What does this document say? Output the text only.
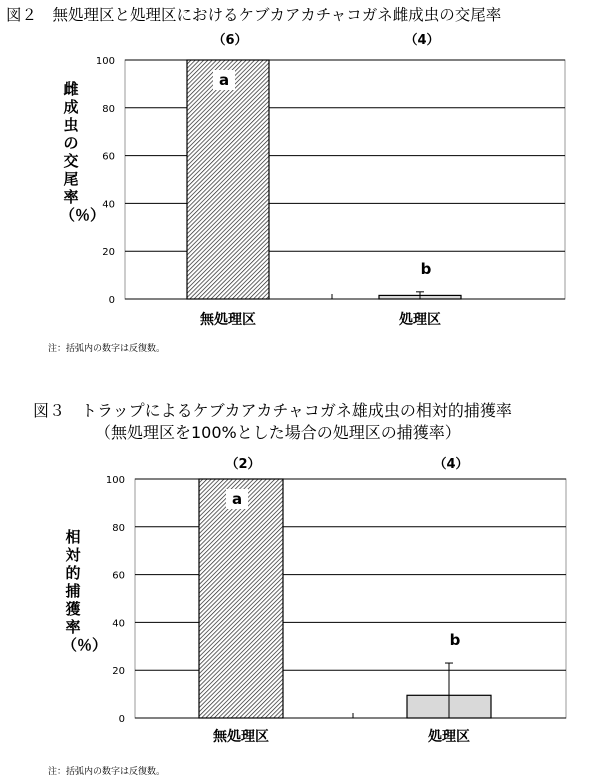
図２　無処理区と処理区におけるケブカアカチャコガネ雌成虫の交尾率
雌成虫の交尾率（％）
0
20
40
60
80
100
a
（6）
無処理区
b
（4）
処理区
注：括弧内の数字は反復数。
図３　トラップによるケブカアカチャコガネ雄成虫の相対的捕獲率
（無処理区を100%とした場合の処理区の捕獲率）
相対的捕獲率（％）
0
20
40
60
80
100
a
（2）
無処理区
b
（4）
処理区
注：括弧内の数字は反復数。
